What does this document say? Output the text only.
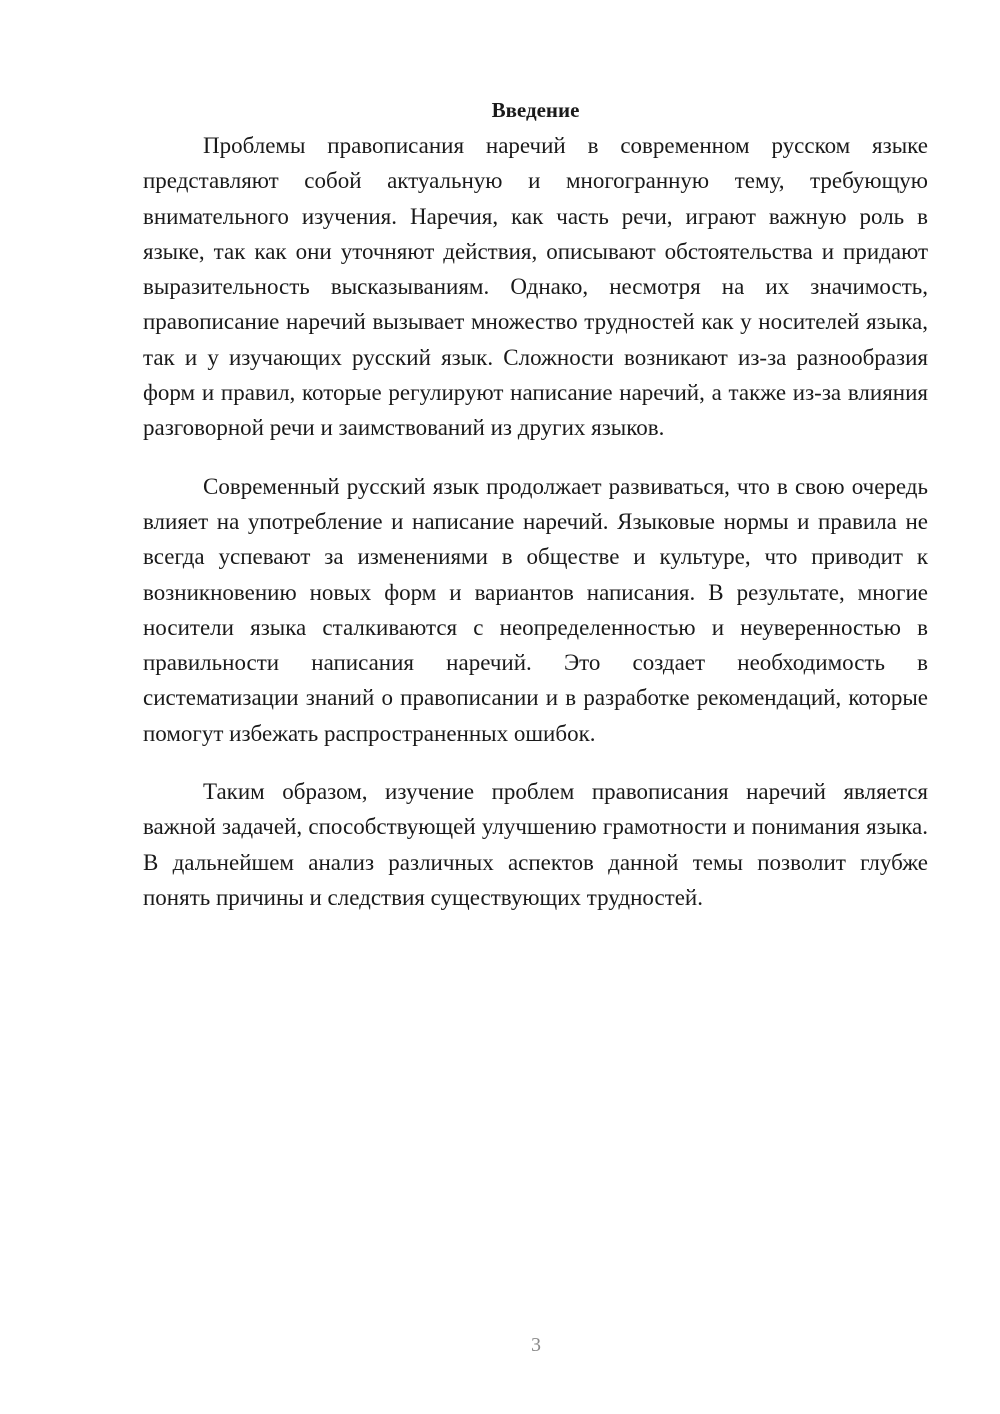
Введение

Проблемы правописания наречий в современном русском языке представляют собой актуальную и многогранную тему, требующую внимательного изучения. Наречия, как часть речи, играют важную роль в языке, так как они уточняют действия, описывают обстоятельства и придают выразительность высказываниям. Однако, несмотря на их значимость, правописание наречий вызывает множество трудностей как у носителей языка, так и у изучающих русский язык. Сложности возникают из-за разнообразия форм и правил, которые регулируют написание наречий, а также из-за влияния разговорной речи и заимствований из других языков.

Современный русский язык продолжает развиваться, что в свою очередь влияет на употребление и написание наречий. Языковые нормы и правила не всегда успевают за изменениями в обществе и культуре, что приводит к возникновению новых форм и вариантов написания. В результате, многие носители языка сталкиваются с неопределенностью и неуверенностью в правильности написания наречий. Это создает необходимость в систематизации знаний о правописании и в разработке рекомендаций, которые помогут избежать распространенных ошибок.

Таким образом, изучение проблем правописания наречий является важной задачей, способствующей улучшению грамотности и понимания языка. В дальнейшем анализ различных аспектов данной темы позволит глубже понять причины и следствия существующих трудностей.

3
